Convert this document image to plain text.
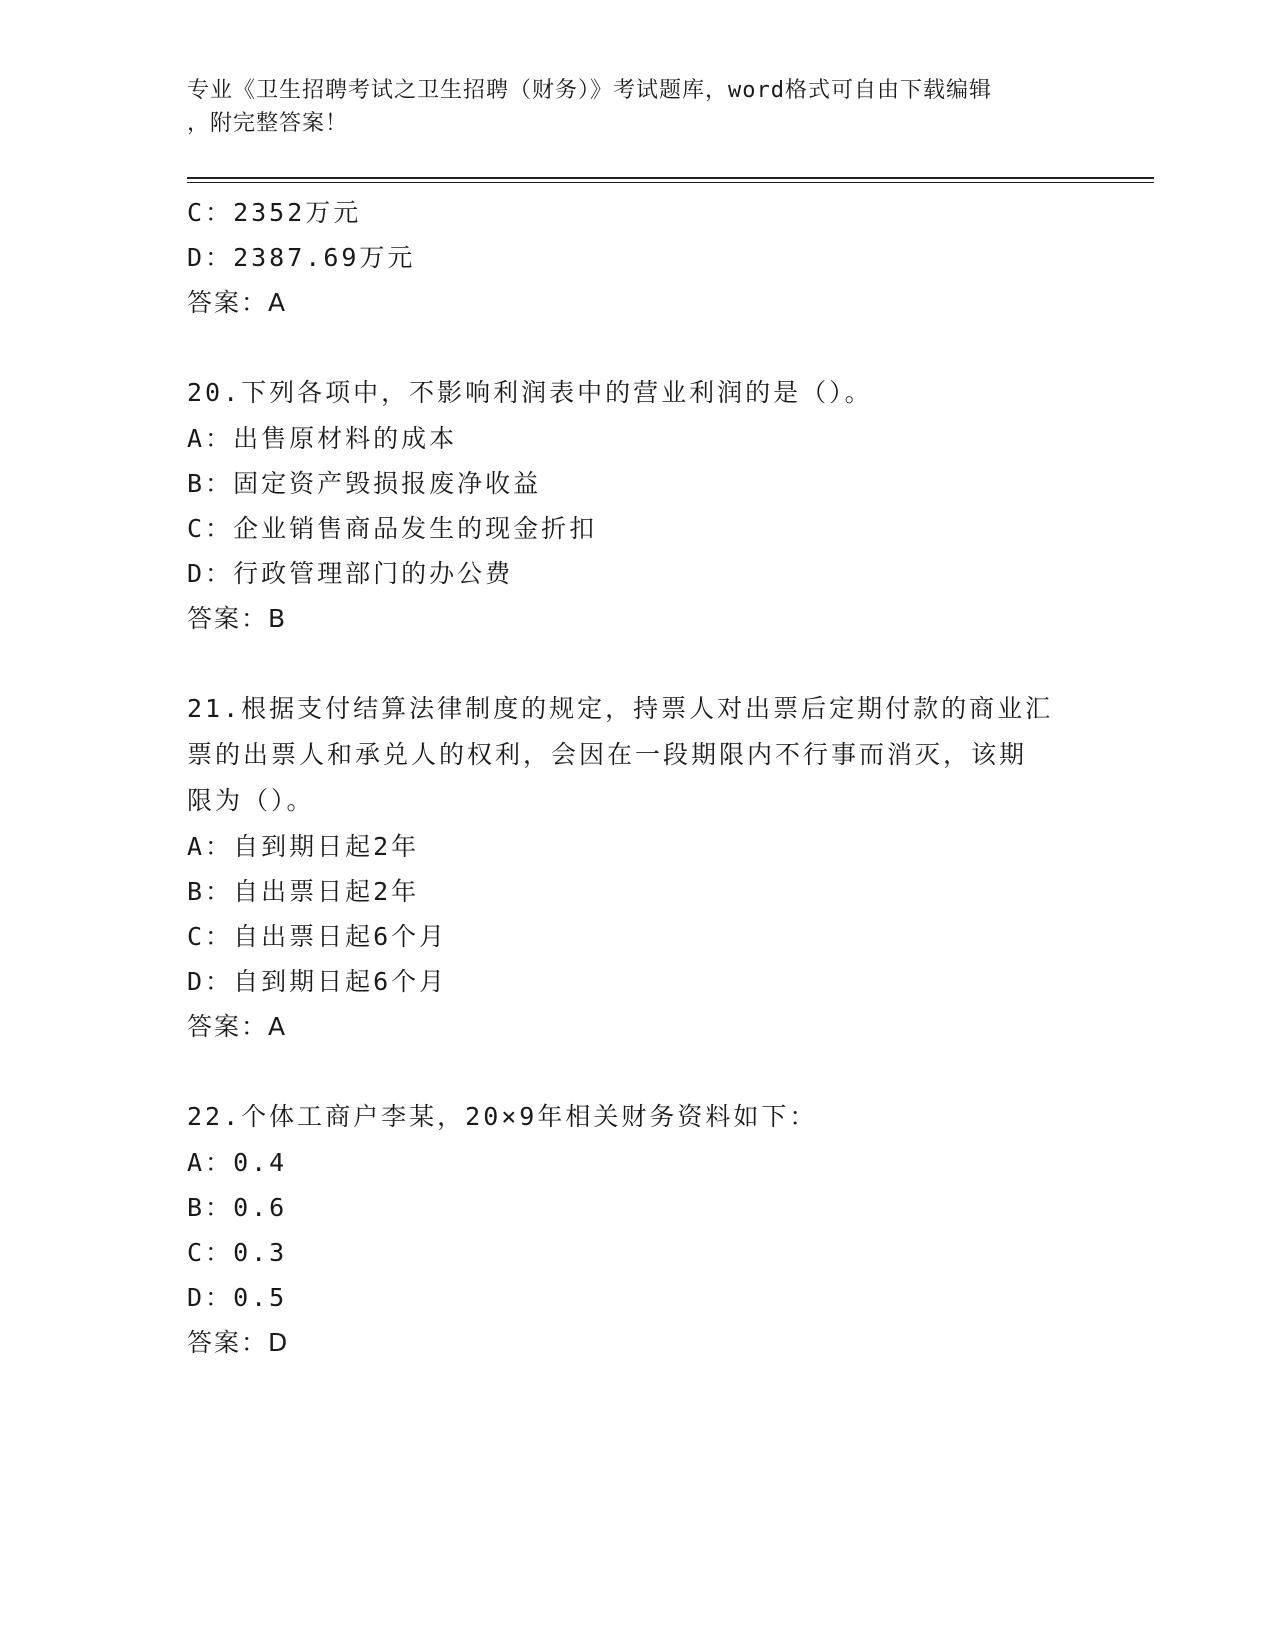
专业《卫生招聘考试之卫生招聘（财务）》考试题库，word格式可自由下载编辑
，附完整答案！
C：2352万元
D：2387.69万元
答案：A
20.下列各项中，不影响利润表中的营业利润的是（）。
A：出售原材料的成本
B：固定资产毁损报废净收益
C：企业销售商品发生的现金折扣
D：行政管理部门的办公费
答案：B
21.根据支付结算法律制度的规定，持票人对出票后定期付款的商业汇
票的出票人和承兑人的权利，会因在一段期限内不行事而消灭，该期
限为（）。
A：自到期日起2年
B：自出票日起2年
C：自出票日起6个月
D：自到期日起6个月
答案：A
22.个体工商户李某，20×9年相关财务资料如下：
A：0.4
B：0.6
C：0.3
D：0.5
答案：D
